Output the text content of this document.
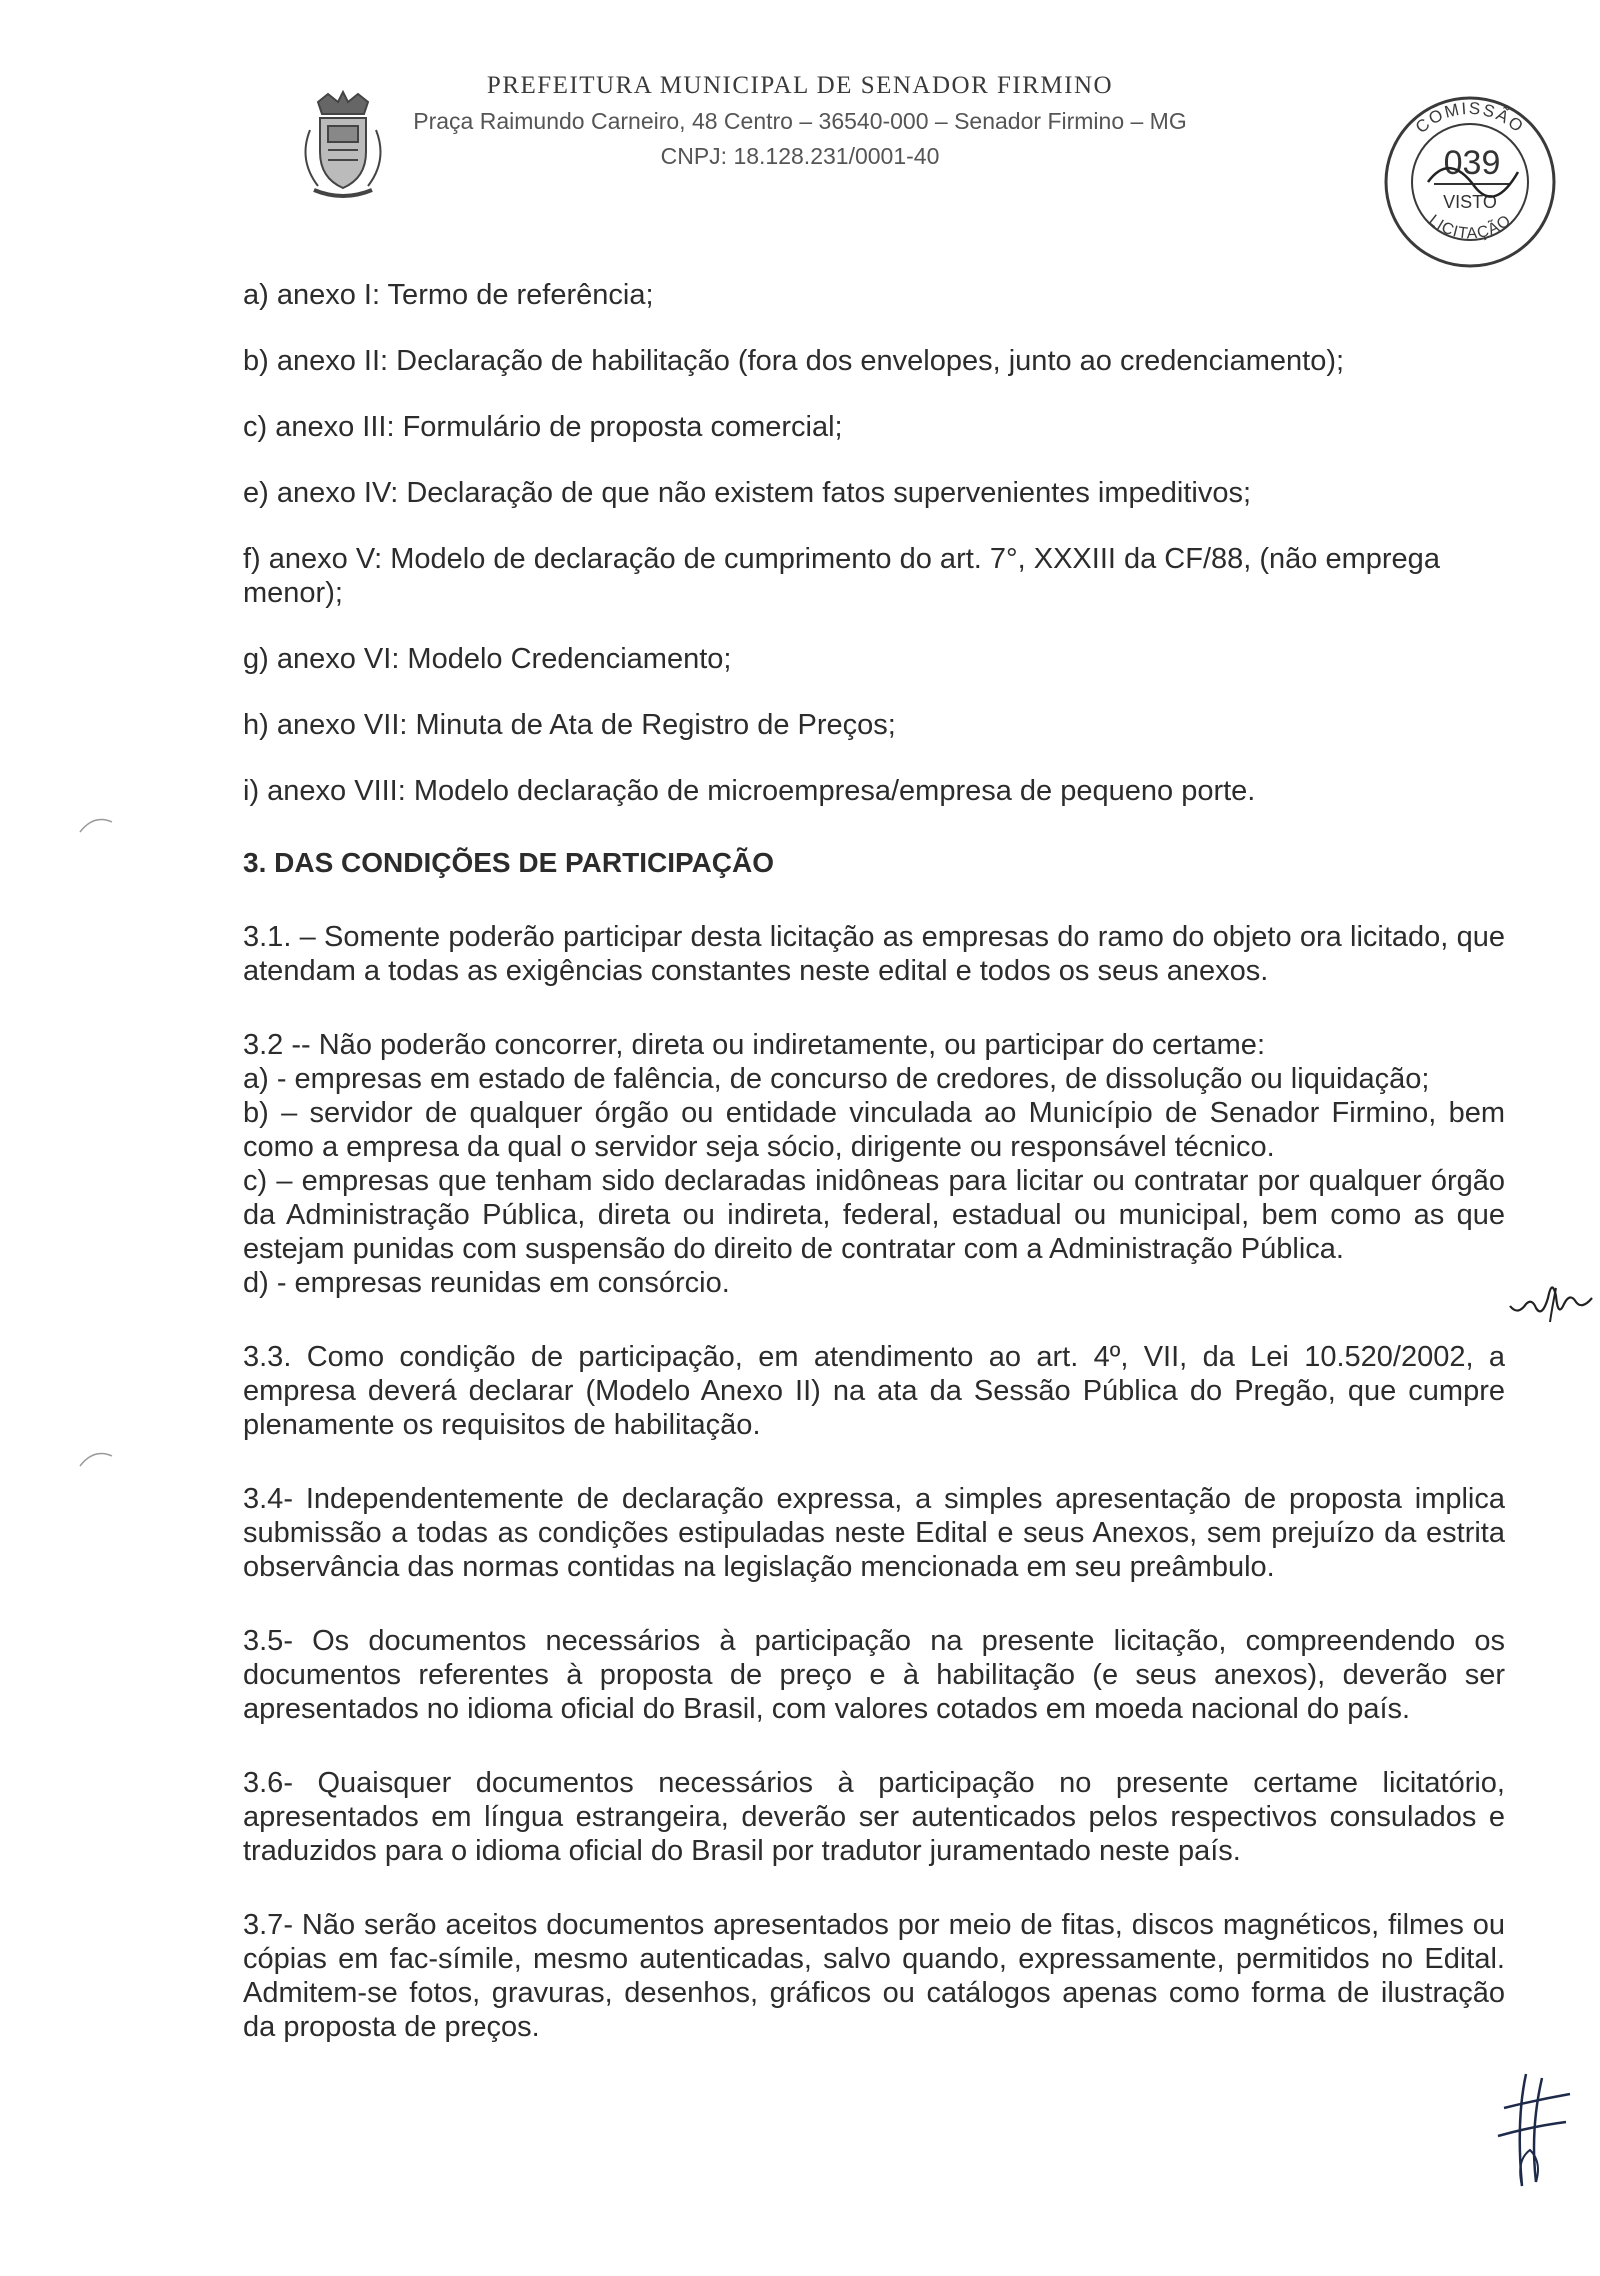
PREFEITURA MUNICIPAL DE SENADOR FIRMINO
Praça Raimundo Carneiro, 48 Centro – 36540-000 – Senador Firmino – MG
CNPJ: 18.128.231/0001-40
COMISSÃO
039
VISTO
LICITAÇÃO
a) anexo I: Termo de referência;
b) anexo II: Declaração de habilitação (fora dos envelopes, junto ao credenciamento);
c) anexo III: Formulário de proposta comercial;
e) anexo IV: Declaração de que não existem fatos supervenientes impeditivos;
f) anexo V: Modelo de declaração de cumprimento do art. 7°, XXXIII da CF/88, (não emprega menor);
g) anexo VI: Modelo Credenciamento;
h) anexo VII: Minuta de Ata de Registro de Preços;
i) anexo VIII: Modelo declaração de microempresa/empresa de pequeno porte.
3. DAS CONDIÇÕES DE PARTICIPAÇÃO
3.1. – Somente poderão participar desta licitação as empresas do ramo do objeto ora licitado, que atendam a todas as exigências constantes neste edital e todos os seus anexos.
3.2 -- Não poderão concorrer, direta ou indiretamente, ou participar do certame:
a) - empresas em estado de falência, de concurso de credores, de dissolução ou liquidação;
b) – servidor de qualquer órgão ou entidade vinculada ao Município de Senador Firmino, bem como a empresa da qual o servidor seja sócio, dirigente ou responsável técnico.
c) – empresas que tenham sido declaradas inidôneas para licitar ou contratar por qualquer órgão da Administração Pública, direta ou indireta, federal, estadual ou municipal, bem como as que estejam punidas com suspensão do direito de contratar com a Administração Pública.
d) - empresas reunidas em consórcio.
3.3. Como condição de participação, em atendimento ao art. 4º, VII, da Lei 10.520/2002, a empresa deverá declarar (Modelo Anexo II) na ata da Sessão Pública do Pregão, que cumpre plenamente os requisitos de habilitação.
3.4- Independentemente de declaração expressa, a simples apresentação de proposta implica submissão a todas as condições estipuladas neste Edital e seus Anexos, sem prejuízo da estrita observância das normas contidas na legislação mencionada em seu preâmbulo.
3.5- Os documentos necessários à participação na presente licitação, compreendendo os documentos referentes à proposta de preço e à habilitação (e seus anexos), deverão ser apresentados no idioma oficial do Brasil, com valores cotados em moeda nacional do país.
3.6- Quaisquer documentos necessários à participação no presente certame licitatório, apresentados em língua estrangeira, deverão ser autenticados pelos respectivos consulados e traduzidos para o idioma oficial do Brasil por tradutor juramentado neste país.
3.7- Não serão aceitos documentos apresentados por meio de fitas, discos magnéticos, filmes ou cópias em fac-símile, mesmo autenticadas, salvo quando, expressamente, permitidos no Edital. Admitem-se fotos, gravuras, desenhos, gráficos ou catálogos apenas como forma de ilustração da proposta de preços.
